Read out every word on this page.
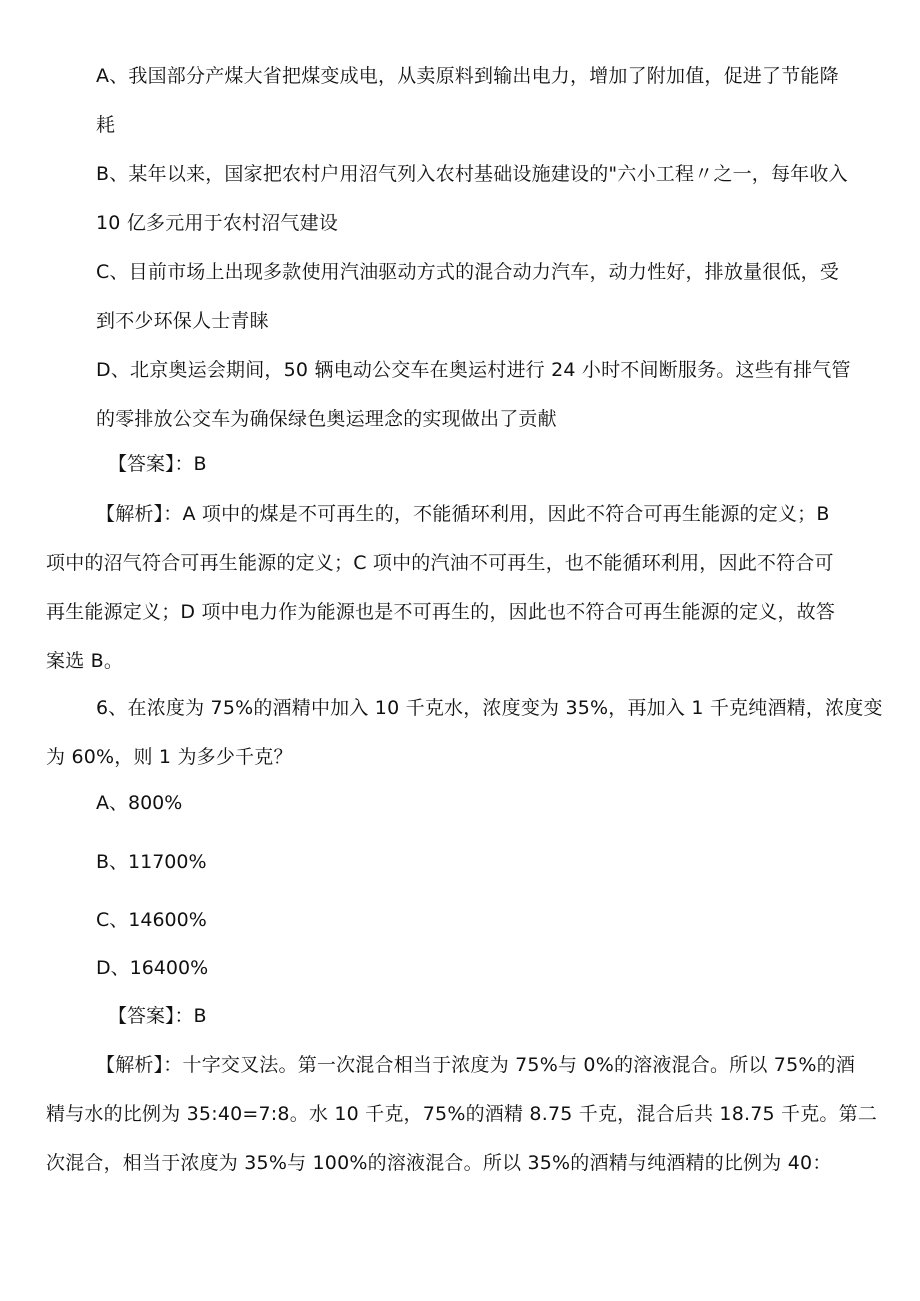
A、我国部分产煤大省把煤变成电，从卖原料到输出电力，增加了附加值，促进了节能降
耗

B、某年以来，国家把农村户用沼气列入农村基础设施建设的"六小工程〃之一，每年收入
10 亿多元用于农村沼气建设

C、目前市场上出现多款使用汽油驱动方式的混合动力汽车，动力性好，排放量很低，受
到不少环保人士青睐

D、北京奥运会期间，50 辆电动公交车在奥运村进行 24 小时不间断服务。这些有排气管
的零排放公交车为确保绿色奥运理念的实现做出了贡献

【答案】：B

【解析】：A 项中的煤是不可再生的，不能循环利用，因此不符合可再生能源的定义；B
项中的沼气符合可再生能源的定义；C 项中的汽油不可再生，也不能循环利用，因此不符合可
再生能源定义；D 项中电力作为能源也是不可再生的，因此也不符合可再生能源的定义，故答
案选 B。

6、在浓度为 75%的酒精中加入 10 千克水，浓度变为 35%，再加入 1 千克纯酒精，浓度变
为 60%，则 1 为多少千克？

A、800%

B、11700%

C、14600%

D、16400%

【答案】：B

【解析】：十字交叉法。第一次混合相当于浓度为 75%与 0%的溶液混合。所以 75%的酒
精与水的比例为 35:40=7:8。水 10 千克，75%的酒精 8.75 千克，混合后共 18.75 千克。第二
次混合，相当于浓度为 35%与 100%的溶液混合。所以 35%的酒精与纯酒精的比例为 40：
